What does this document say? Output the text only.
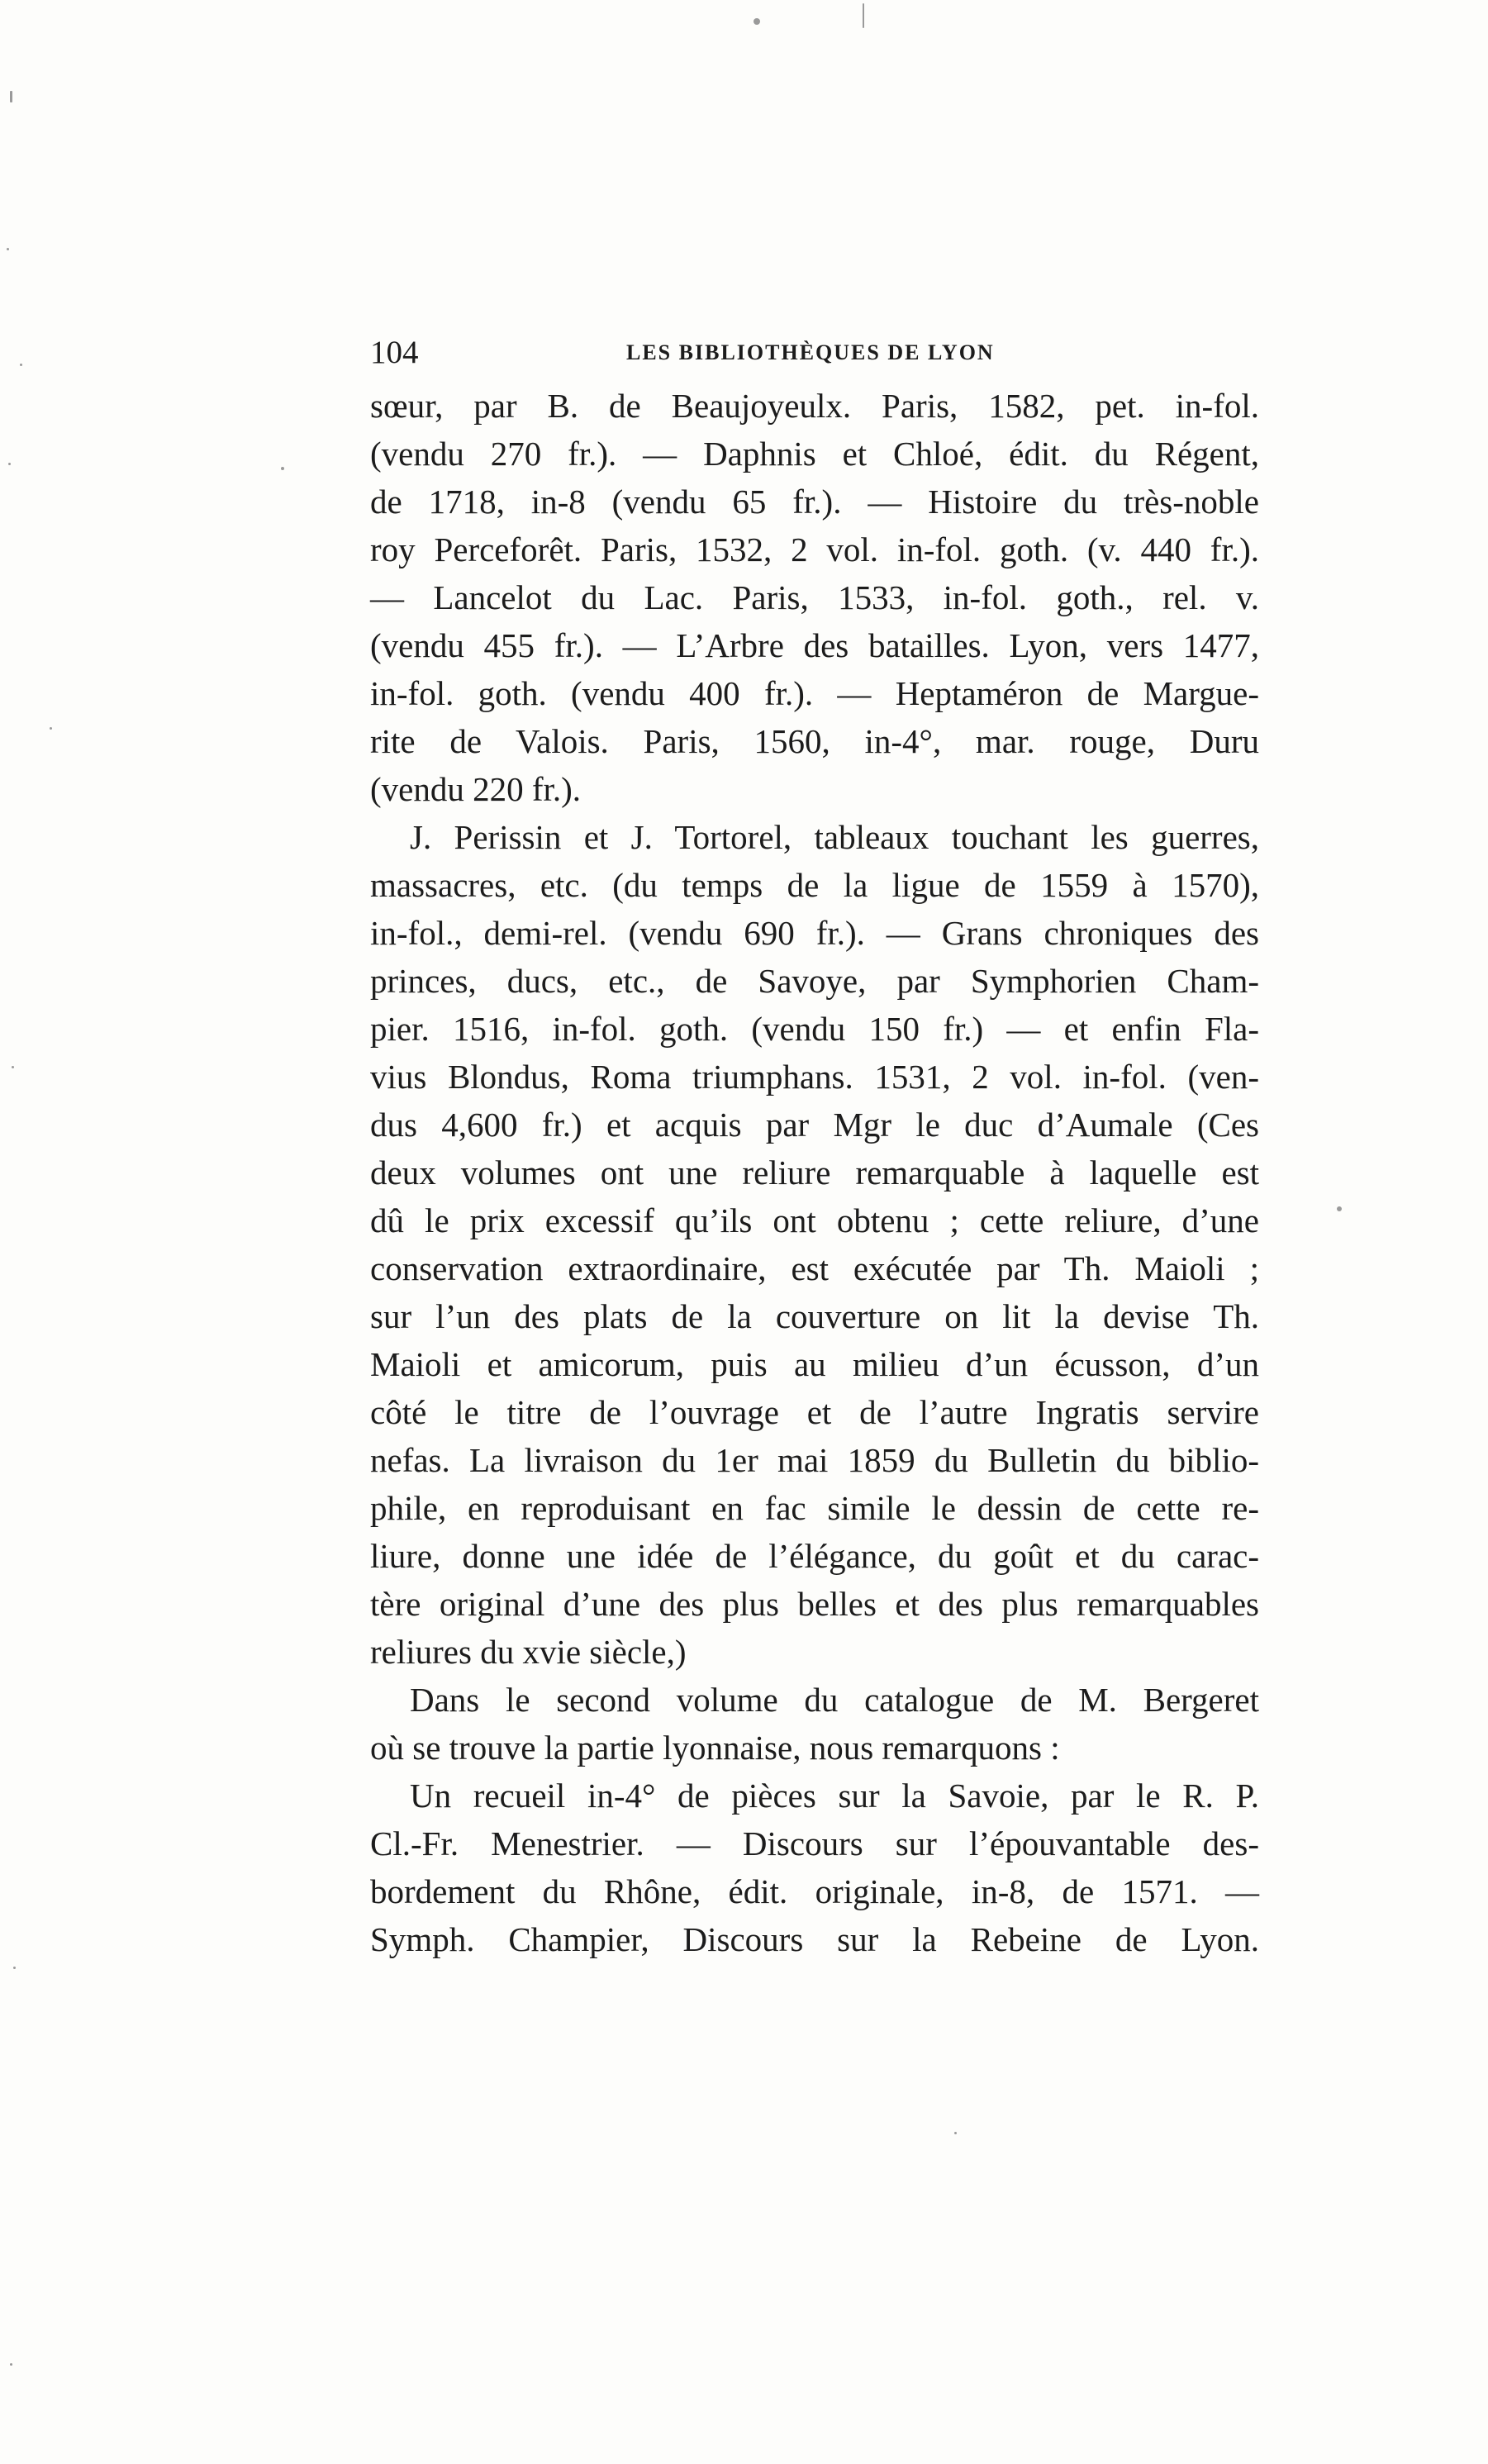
104	LES BIBLIOTHÈQUES DE LYON

sœur, par B. de Beaujoyeulx. Paris, 1582, pet. in-fol.
(vendu 270 fr.). — Daphnis et Chloé, édit. du Régent,
de 1718, in-8 (vendu 65 fr.). — Histoire du très-noble
roy Perceforêt. Paris, 1532, 2 vol. in-fol. goth. (v. 440 fr.).
— Lancelot du Lac. Paris, 1533, in-fol. goth., rel. v.
(vendu 455 fr.). — L’Arbre des batailles. Lyon, vers 1477,
in-fol. goth. (vendu 400 fr.). — Heptaméron de Margue-
rite de Valois. Paris, 1560, in-4°, mar. rouge, Duru
(vendu 220 fr.).

J. Perissin et J. Tortorel, tableaux touchant les guerres,
massacres, etc. (du temps de la ligue de 1559 à 1570),
in-fol., demi-rel. (vendu 690 fr.). — Grans chroniques des
princes, ducs, etc., de Savoye, par Symphorien Cham-
pier. 1516, in-fol. goth. (vendu 150 fr.) — et enfin Fla-
vius Blondus, Roma triumphans. 1531, 2 vol. in-fol. (ven-
dus 4,600 fr.) et acquis par Mgr le duc d’Aumale (Ces
deux volumes ont une reliure remarquable à laquelle est
dû le prix excessif qu’ils ont obtenu ; cette reliure, d’une
conservation extraordinaire, est exécutée par Th. Maioli ;
sur l’un des plats de la couverture on lit la devise Th.
Maioli et amicorum, puis au milieu d’un écusson, d’un
côté le titre de l’ouvrage et de l’autre Ingratis servire
nefas. La livraison du 1er mai 1859 du Bulletin du biblio-
phile, en reproduisant en fac simile le dessin de cette re-
liure, donne une idée de l’élégance, du goût et du carac-
tère original d’une des plus belles et des plus remarquables
reliures du xvie siècle,)

Dans le second volume du catalogue de M. Bergeret
où se trouve la partie lyonnaise, nous remarquons :

Un recueil in-4° de pièces sur la Savoie, par le R. P.
Cl.-Fr. Menestrier. — Discours sur l’épouvantable des-
bordement du Rhône, édit. originale, in-8, de 1571. —
Symph. Champier, Discours sur la Rebeine de Lyon.
